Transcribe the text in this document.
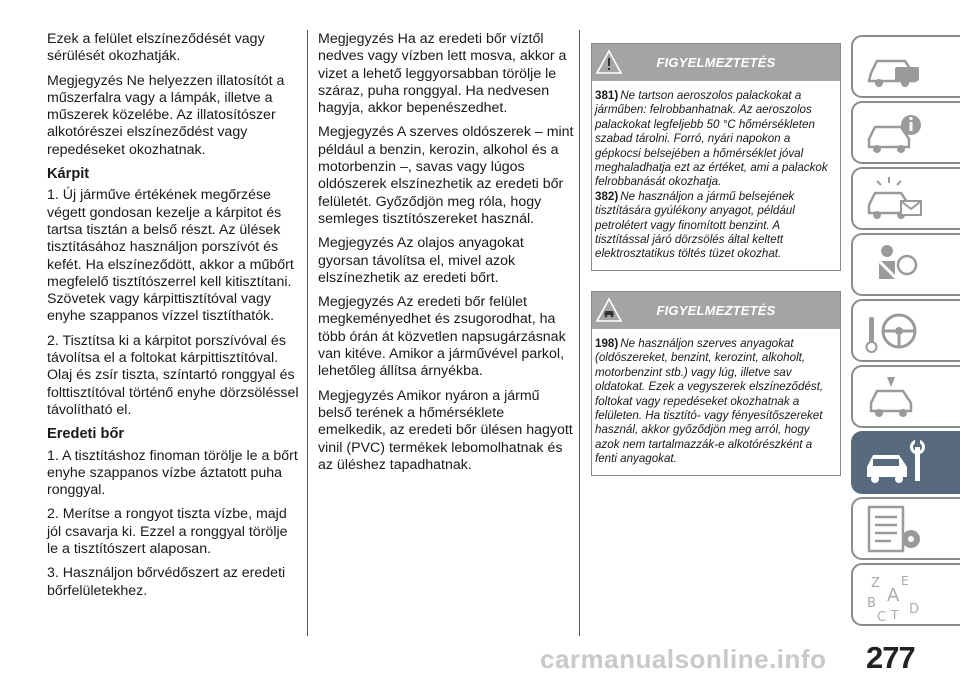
Ezek a felület elszíneződését vagy sérülését okozhatják.

Megjegyzés Ne helyezzen illatosítót a műszerfalra vagy a lámpák, illetve a műszerek közelébe. Az illatosítószer alkotórészei elszíneződést vagy repedéseket okozhatnak.

Kárpit

1. Új járműve értékének megőrzése végett gondosan kezelje a kárpitot és tartsa tisztán a belső részt. Az ülések tisztításához használjon porszívót és kefét. Ha elszíneződött, akkor a műbőrt megfelelő tisztítószerrel kell kitisztítani. Szövetek vagy kárpittisztítóval vagy enyhe szappanos vízzel tisztíthatók.

2. Tisztítsa ki a kárpitot porszívóval és távolítsa el a foltokat kárpittisztítóval. Olaj és zsír tiszta, színtartó ronggyal és folttisztítóval történő enyhe dörzsöléssel távolítható el.

Eredeti bőr

1. A tisztításhoz finoman törölje le a bőrt enyhe szappanos vízbe áztatott puha ronggyal.

2. Merítse a rongyot tiszta vízbe, majd jól csavarja ki. Ezzel a ronggyal törölje le a tisztítószert alaposan.

3. Használjon bőrvédőszert az eredeti bőrfelületekhez.

Megjegyzés Ha az eredeti bőr víztől nedves vagy vízben lett mosva, akkor a vizet a lehető leggyorsabban törölje le száraz, puha ronggyal. Ha nedvesen hagyja, akkor bepenészedhet.

Megjegyzés A szerves oldószerek – mint például a benzin, kerozin, alkohol és a motorbenzin –, savas vagy lúgos oldószerek elszínezhetik az eredeti bőr felületét. Győződjön meg róla, hogy semleges tisztítószereket használ.

Megjegyzés Az olajos anyagokat gyorsan távolítsa el, mivel azok elszínezhetik az eredeti bőrt.

Megjegyzés Az eredeti bőr felület megkeményedhet és zsugorodhat, ha több órán át közvetlen napsugárzásnak van kitéve. Amikor a járművével parkol, lehetőleg állítsa árnyékba.

Megjegyzés Amikor nyáron a jármű belső terének a hőmérséklete emelkedik, az eredeti bőr ülésen hagyott vinil (PVC) termékek lebomolhatnak és az üléshez tapadhatnak.

FIGYELMEZTETÉS

381) Ne tartson aeroszolos palackokat a járműben: felrobbanhatnak. Az aeroszolos palackokat legfeljebb 50 °C hőmérsékleten szabad tárolni. Forró, nyári napokon a gépkocsi belsejében a hőmérséklet jóval meghaladhatja ezt az értéket, ami a palackok felrobbanását okozhatja.

382) Ne használjon a jármű belsejének tisztítására gyúlékony anyagot, például petrolétert vagy finomított benzint. A tisztítással járó dörzsölés által keltett elektrosztatikus töltés tüzet okozhat.

FIGYELMEZTETÉS

198) Ne használjon szerves anyagokat (oldószereket, benzint, kerozint, alkoholt, motorbenzint stb.) vagy lúg, illetve sav oldatokat. Ezek a vegyszerek elszíneződést, foltokat vagy repedéseket okozhatnak a felületen. Ha tisztító- vagy fényesítőszereket használ, akkor győződjön meg arról, hogy azok nem tartalmazzák-e alkotórészként a fenti anyagokat.

Z E
A
B
C T D
carmanualsonline.info 277
